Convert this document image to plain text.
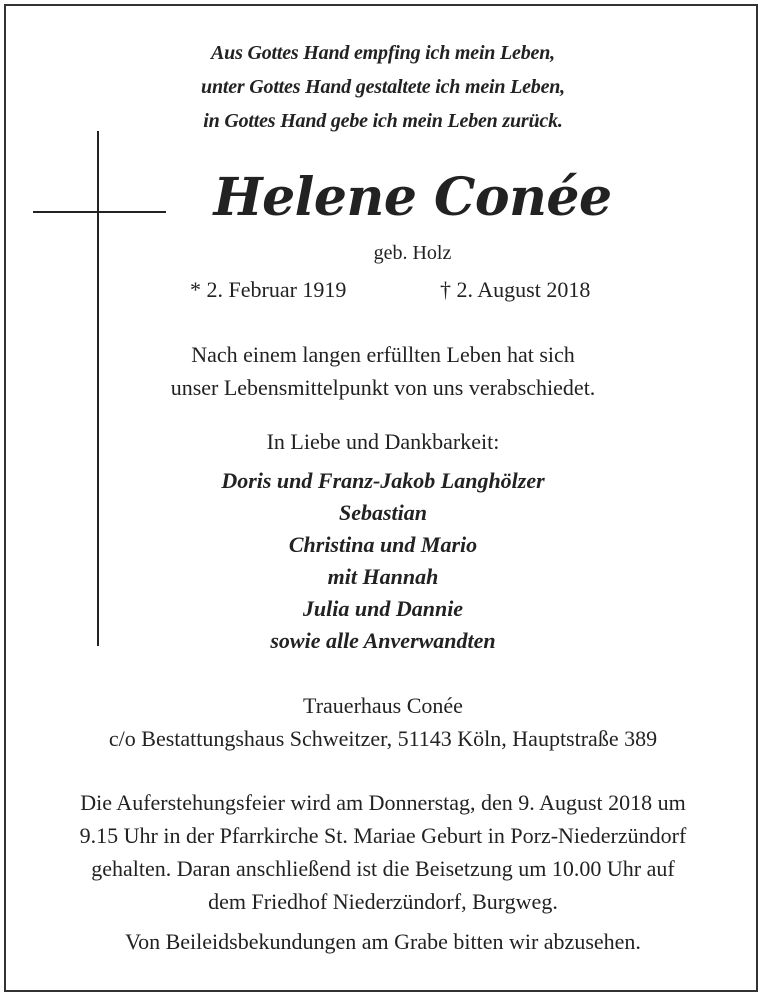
Aus Gottes Hand empfing ich mein Leben,
unter Gottes Hand gestaltete ich mein Leben,
in Gottes Hand gebe ich mein Leben zurück.
Helene Conée
geb. Holz
* 2. Februar 1919	† 2. August 2018
Nach einem langen erfüllten Leben hat sich
unser Lebensmittelpunkt von uns verabschiedet.
In Liebe und Dankbarkeit:
Doris und Franz-Jakob Langhölzer
Sebastian
Christina und Mario
mit Hannah
Julia und Dannie
sowie alle Anverwandten
Trauerhaus Conée
c/o Bestattungshaus Schweitzer, 51143 Köln, Hauptstraße 389
Die Auferstehungsfeier wird am Donnerstag, den 9. August 2018 um
9.15 Uhr in der Pfarrkirche St. Mariae Geburt in Porz-Niederzündorf
gehalten. Daran anschließend ist die Beisetzung um 10.00 Uhr auf
dem Friedhof Niederzündorf, Burgweg.
Von Beileidsbekundungen am Grabe bitten wir abzusehen.
